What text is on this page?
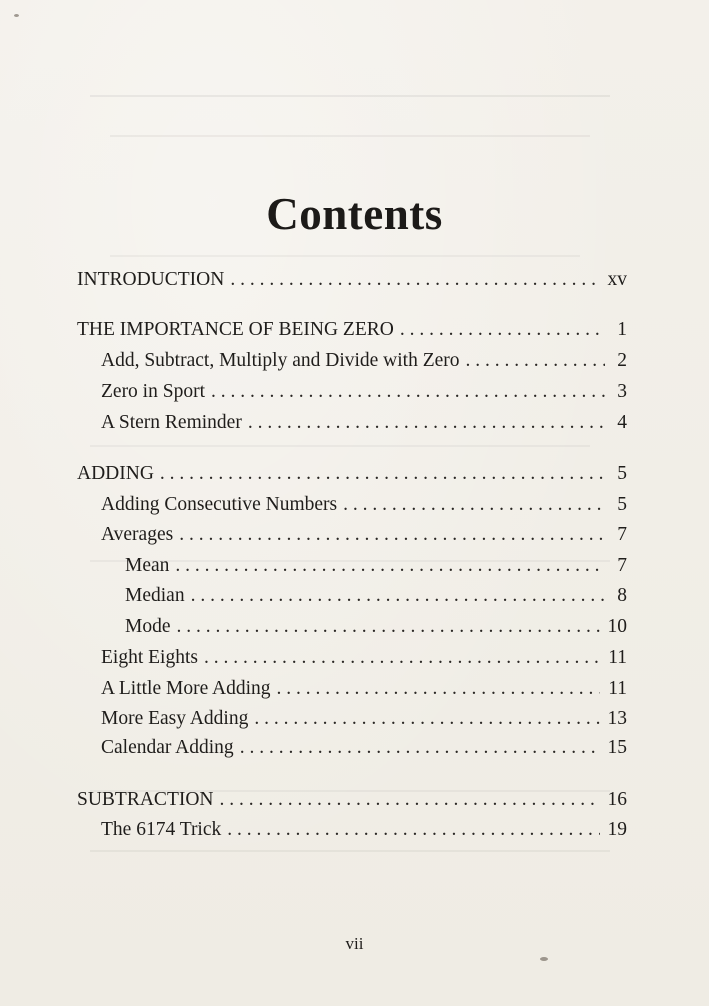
Contents
INTRODUCTION . . .	xv
THE IMPORTANCE OF BEING ZERO . . .	1
Add, Subtract, Multiply and Divide with Zero . . .	2
Zero in Sport . . .	3
A Stern Reminder . . .	4
ADDING . . .	5
Adding Consecutive Numbers . . .	5
Averages . . .	7
Mean . . .	7
Median . . .	8
Mode . . .	10
Eight Eights . . .	11
A Little More Adding . . .	11
More Easy Adding . . .	13
Calendar Adding . . .	15
SUBTRACTION . . .	16
The 6174 Trick . . .	19
vii
